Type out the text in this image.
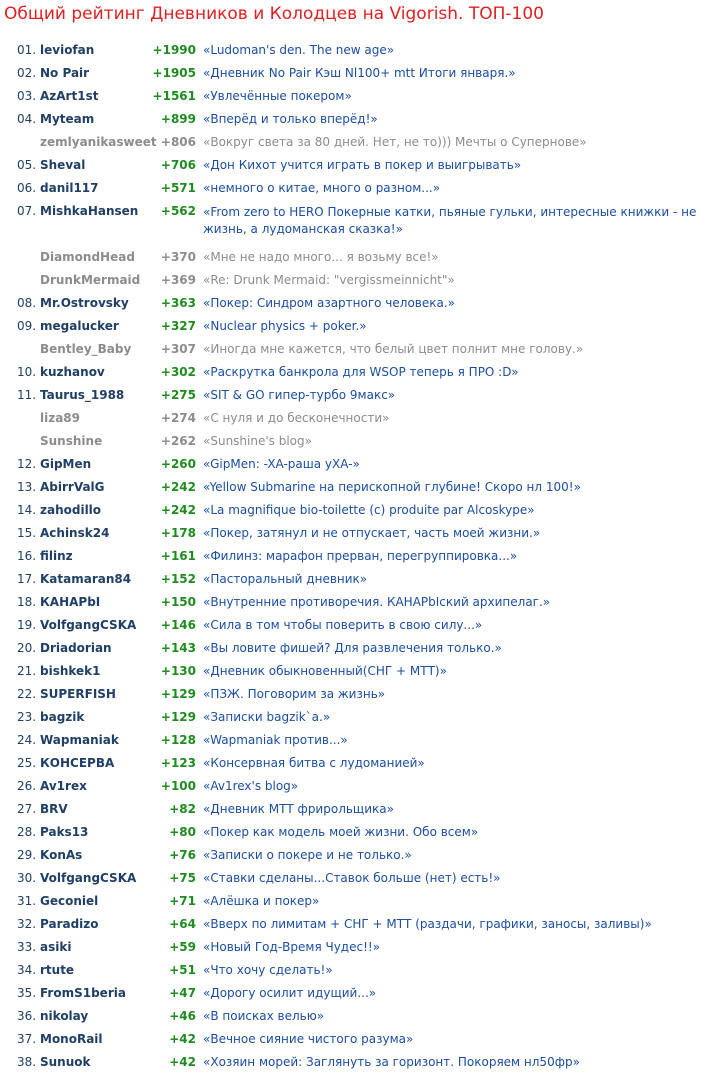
Общий рейтинг Дневников и Колодцев на Vigorish. ТОП-100
01. leviofan	+1990 «Ludoman's den. The new age»
02. No Pair	+1905 «Дневник No Pair Кэш Nl100+ mtt Итоги января.»
03. AzArt1st	+1561 «Увлечённые покером»
04. Myteam	+899 «Вперёд и только вперёд!»
zemlyanikasweet +806 «Вокруг света за 80 дней. Нет, не то))) Мечты о Супернове»
05. Sheval	+706 «Дон Кихот учится играть в покер и выигрывать»
06. danil117	+571 «немного о китае, много о разном...»
07. MishkaHansen	+562 «From zero to HERO Покерные катки, пьяные гульки, интересные книжки - не жизнь, а лудоманская сказка!»
DiamondHead	+370 «Мне не надо много... я возьму все!»
DrunkMermaid	+369 «Re: Drunk Mermaid: "vergissmeinnicht"»
08. Mr.Ostrovsky	+363 «Покер: Синдром азартного человека.»
09. megalucker	+327 «Nuclear physics + poker.»
Bentley_Baby	+307 «Иногда мне кажется, что белый цвет полнит мне голову.»
10. kuzhanov	+302 «Раскрутка банкрола для WSOP теперь я ПРО :D»
11. Taurus_1988	+275 «SIT & GO гипер-турбо 9макс»
liza89	+274 «С нуля и до бесконечности»
Sunshine	+262 «Sunshine's blog»
12. GipMen	+260 «GipMen: -XA-раша уXA-»
13. AbirrValG	+242 «Yellow Submarine на перископной глубине! Скоро нл 100!»
14. zahodillo	+242 «La magnifique bio-toilette (c) produite par Alcoskype»
15. Achinsk24	+178 «Покер, затянул и не отпускает, часть моей жизни.»
16. filinz	+161 «Филинз: марафон прерван, перегруппировка...»
17. Katamaran84	+152 «Пасторальный дневник»
18. КАНАРbI	+150 «Внутренние противоречия. КАНАРbIский архипелаг.»
19. VolfgangCSKA	+146 «Сила в том чтобы поверить в свою силу...»
20. Driadorian	+143 «Вы ловите фишей? Для развлечения только.»
21. bishkek1	+130 «Дневник обыкновенный(СНГ + МТТ)»
22. SUPERFISH	+129 «ПЗЖ. Поговорим за жизнь»
23. bagzik	+129 «Записки bagzik`a.»
24. Wapmaniak	+128 «Wapmaniak против...»
25. КОНСЕРВА	+123 «Консервная битва с лудоманией»
26. Av1rex	+100 «Av1rex's blog»
27. BRV	+82 «Дневник МТТ фрирольщика»
28. Paks13	+80 «Покер как модель моей жизни. Обо всем»
29. KonAs	+76 «Записки о покере и не только.»
30. VolfgangCSKA	+75 «Ставки сделаны...Ставок больше (нет) есть!»
31. Geconiel	+71 «Алёшка и покер»
32. Paradizo	+64 «Вверх по лимитам + СНГ + МТТ (раздачи, графики, заносы, заливы)»
33. asiki	+59 «Новый Год-Время Чудес!!»
34. rtute	+51 «Что хочу сделать!»
35. FromS1beria	+47 «Дорогу осилит идущий...»
36. nikolay	+46 «В поисках велью»
37. MonoRail	+42 «Вечное сияние чистого разума»
38. Sunuok	+42 «Хозяин морей: Заглянуть за горизонт. Покоряем нл50фр»
